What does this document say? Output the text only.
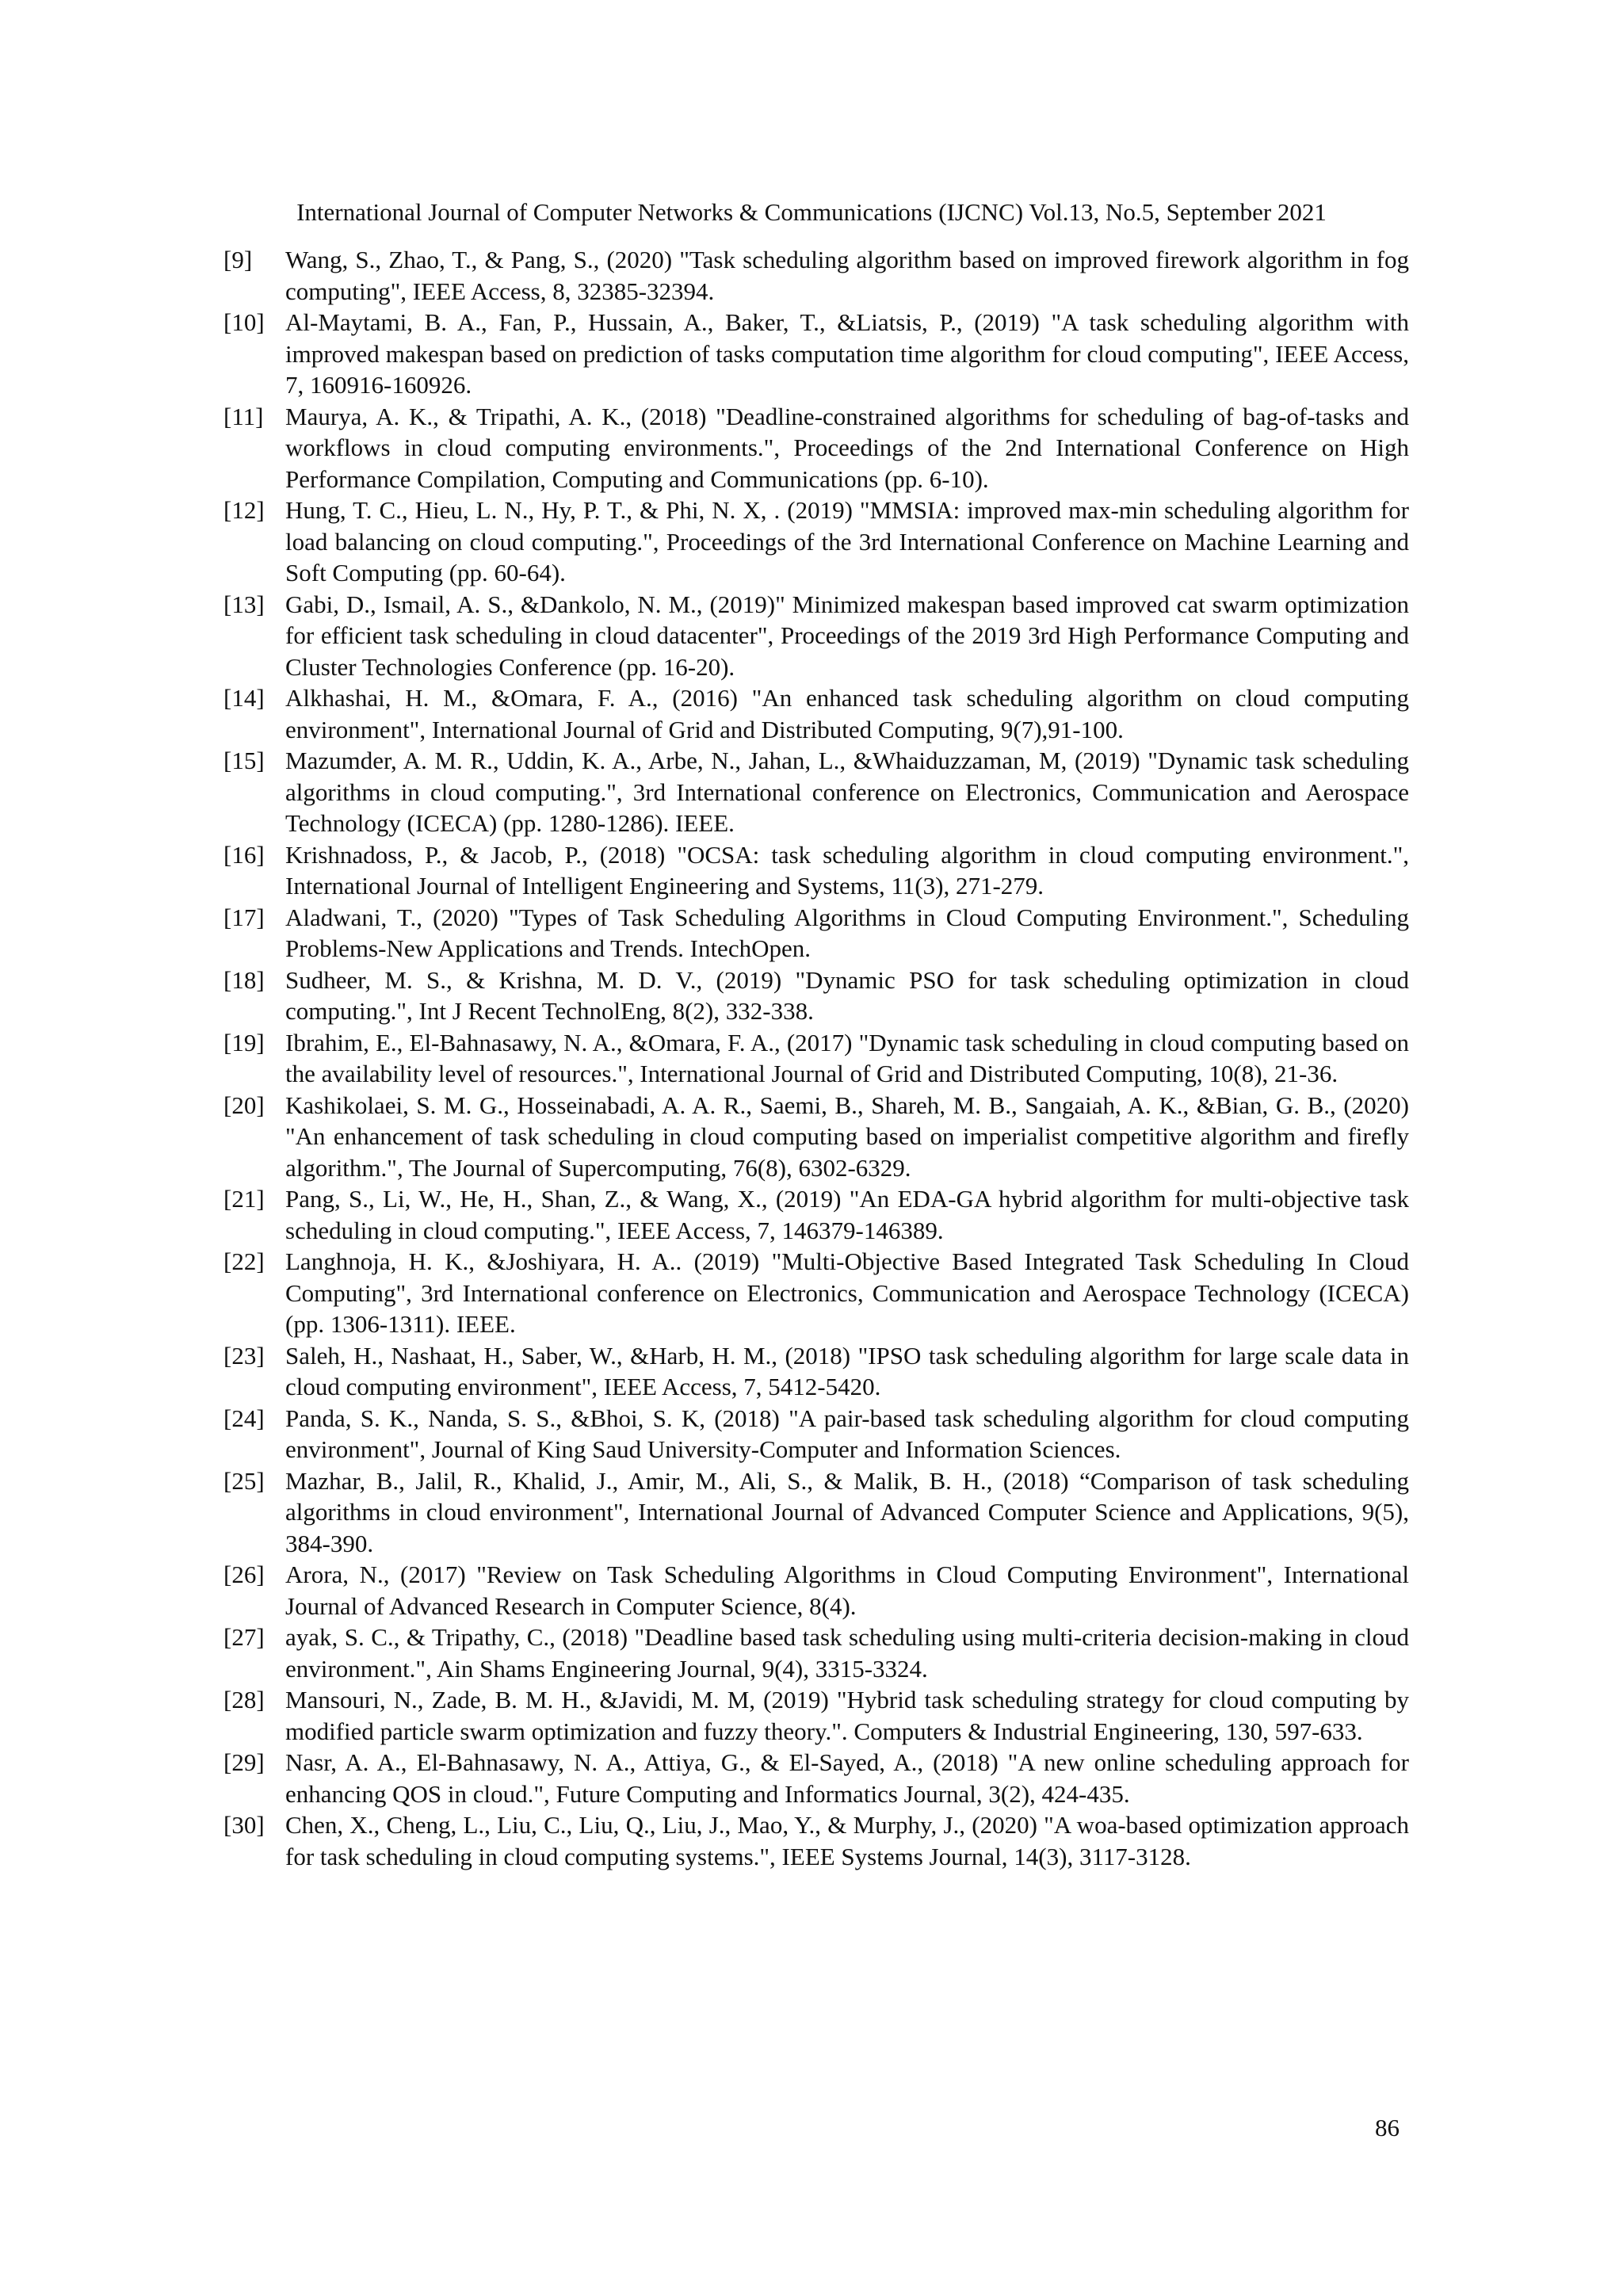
International Journal of Computer Networks & Communications (IJCNC) Vol.13, No.5, September 2021
[9] Wang, S., Zhao, T., & Pang, S., (2020) "Task scheduling algorithm based on improved firework algorithm in fog computing", IEEE Access, 8, 32385-32394.
[10] Al-Maytami, B. A., Fan, P., Hussain, A., Baker, T., &Liatsis, P., (2019) "A task scheduling algorithm with improved makespan based on prediction of tasks computation time algorithm for cloud computing", IEEE Access, 7, 160916-160926.
[11] Maurya, A. K., & Tripathi, A. K., (2018) "Deadline-constrained algorithms for scheduling of bag-of-tasks and workflows in cloud computing environments.", Proceedings of the 2nd International Conference on High Performance Compilation, Computing and Communications (pp. 6-10).
[12] Hung, T. C., Hieu, L. N., Hy, P. T., & Phi, N. X, . (2019) "MMSIA: improved max-min scheduling algorithm for load balancing on cloud computing.", Proceedings of the 3rd International Conference on Machine Learning and Soft Computing (pp. 60-64).
[13] Gabi, D., Ismail, A. S., &Dankolo, N. M., (2019)" Minimized makespan based improved cat swarm optimization for efficient task scheduling in cloud datacenter", Proceedings of the 2019 3rd High Performance Computing and Cluster Technologies Conference (pp. 16-20).
[14] Alkhashai, H. M., &Omara, F. A., (2016) "An enhanced task scheduling algorithm on cloud computing environment", International Journal of Grid and Distributed Computing, 9(7),91-100.
[15] Mazumder, A. M. R., Uddin, K. A., Arbe, N., Jahan, L., &Whaiduzzaman, M, (2019) "Dynamic task scheduling algorithms in cloud computing.", 3rd International conference on Electronics, Communication and Aerospace Technology (ICECA) (pp. 1280-1286). IEEE.
[16] Krishnadoss, P., & Jacob, P., (2018) "OCSA: task scheduling algorithm in cloud computing environment.", International Journal of Intelligent Engineering and Systems, 11(3), 271-279.
[17] Aladwani, T., (2020) "Types of Task Scheduling Algorithms in Cloud Computing Environment.", Scheduling Problems-New Applications and Trends. IntechOpen.
[18] Sudheer, M. S., & Krishna, M. D. V., (2019) "Dynamic PSO for task scheduling optimization in cloud computing.", Int J Recent TechnolEng, 8(2), 332-338.
[19] Ibrahim, E., El-Bahnasawy, N. A., &Omara, F. A., (2017) "Dynamic task scheduling in cloud computing based on the availability level of resources.", International Journal of Grid and Distributed Computing, 10(8), 21-36.
[20] Kashikolaei, S. M. G., Hosseinabadi, A. A. R., Saemi, B., Shareh, M. B., Sangaiah, A. K., &Bian, G. B., (2020) "An enhancement of task scheduling in cloud computing based on imperialist competitive algorithm and firefly algorithm.", The Journal of Supercomputing, 76(8), 6302-6329.
[21] Pang, S., Li, W., He, H., Shan, Z., & Wang, X., (2019) "An EDA-GA hybrid algorithm for multi-objective task scheduling in cloud computing.", IEEE Access, 7, 146379-146389.
[22] Langhnoja, H. K., &Joshiyara, H. A.. (2019) "Multi-Objective Based Integrated Task Scheduling In Cloud Computing", 3rd International conference on Electronics, Communication and Aerospace Technology (ICECA) (pp. 1306-1311). IEEE.
[23] Saleh, H., Nashaat, H., Saber, W., &Harb, H. M., (2018) "IPSO task scheduling algorithm for large scale data in cloud computing environment", IEEE Access, 7, 5412-5420.
[24] Panda, S. K., Nanda, S. S., &Bhoi, S. K, (2018) "A pair-based task scheduling algorithm for cloud computing environment", Journal of King Saud University-Computer and Information Sciences.
[25] Mazhar, B., Jalil, R., Khalid, J., Amir, M., Ali, S., & Malik, B. H., (2018) “Comparison of task scheduling algorithms in cloud environment", International Journal of Advanced Computer Science and Applications, 9(5), 384-390.
[26] Arora, N., (2017) "Review on Task Scheduling Algorithms in Cloud Computing Environment", International Journal of Advanced Research in Computer Science, 8(4).
[27] ayak, S. C., & Tripathy, C., (2018) "Deadline based task scheduling using multi-criteria decision-making in cloud environment.", Ain Shams Engineering Journal, 9(4), 3315-3324.
[28] Mansouri, N., Zade, B. M. H., &Javidi, M. M, (2019) "Hybrid task scheduling strategy for cloud computing by modified particle swarm optimization and fuzzy theory.". Computers & Industrial Engineering, 130, 597-633.
[29] Nasr, A. A., El-Bahnasawy, N. A., Attiya, G., & El-Sayed, A., (2018) "A new online scheduling approach for enhancing QOS in cloud.", Future Computing and Informatics Journal, 3(2), 424-435.
[30] Chen, X., Cheng, L., Liu, C., Liu, Q., Liu, J., Mao, Y., & Murphy, J., (2020) "A woa-based optimization approach for task scheduling in cloud computing systems.", IEEE Systems Journal, 14(3), 3117-3128.
86
